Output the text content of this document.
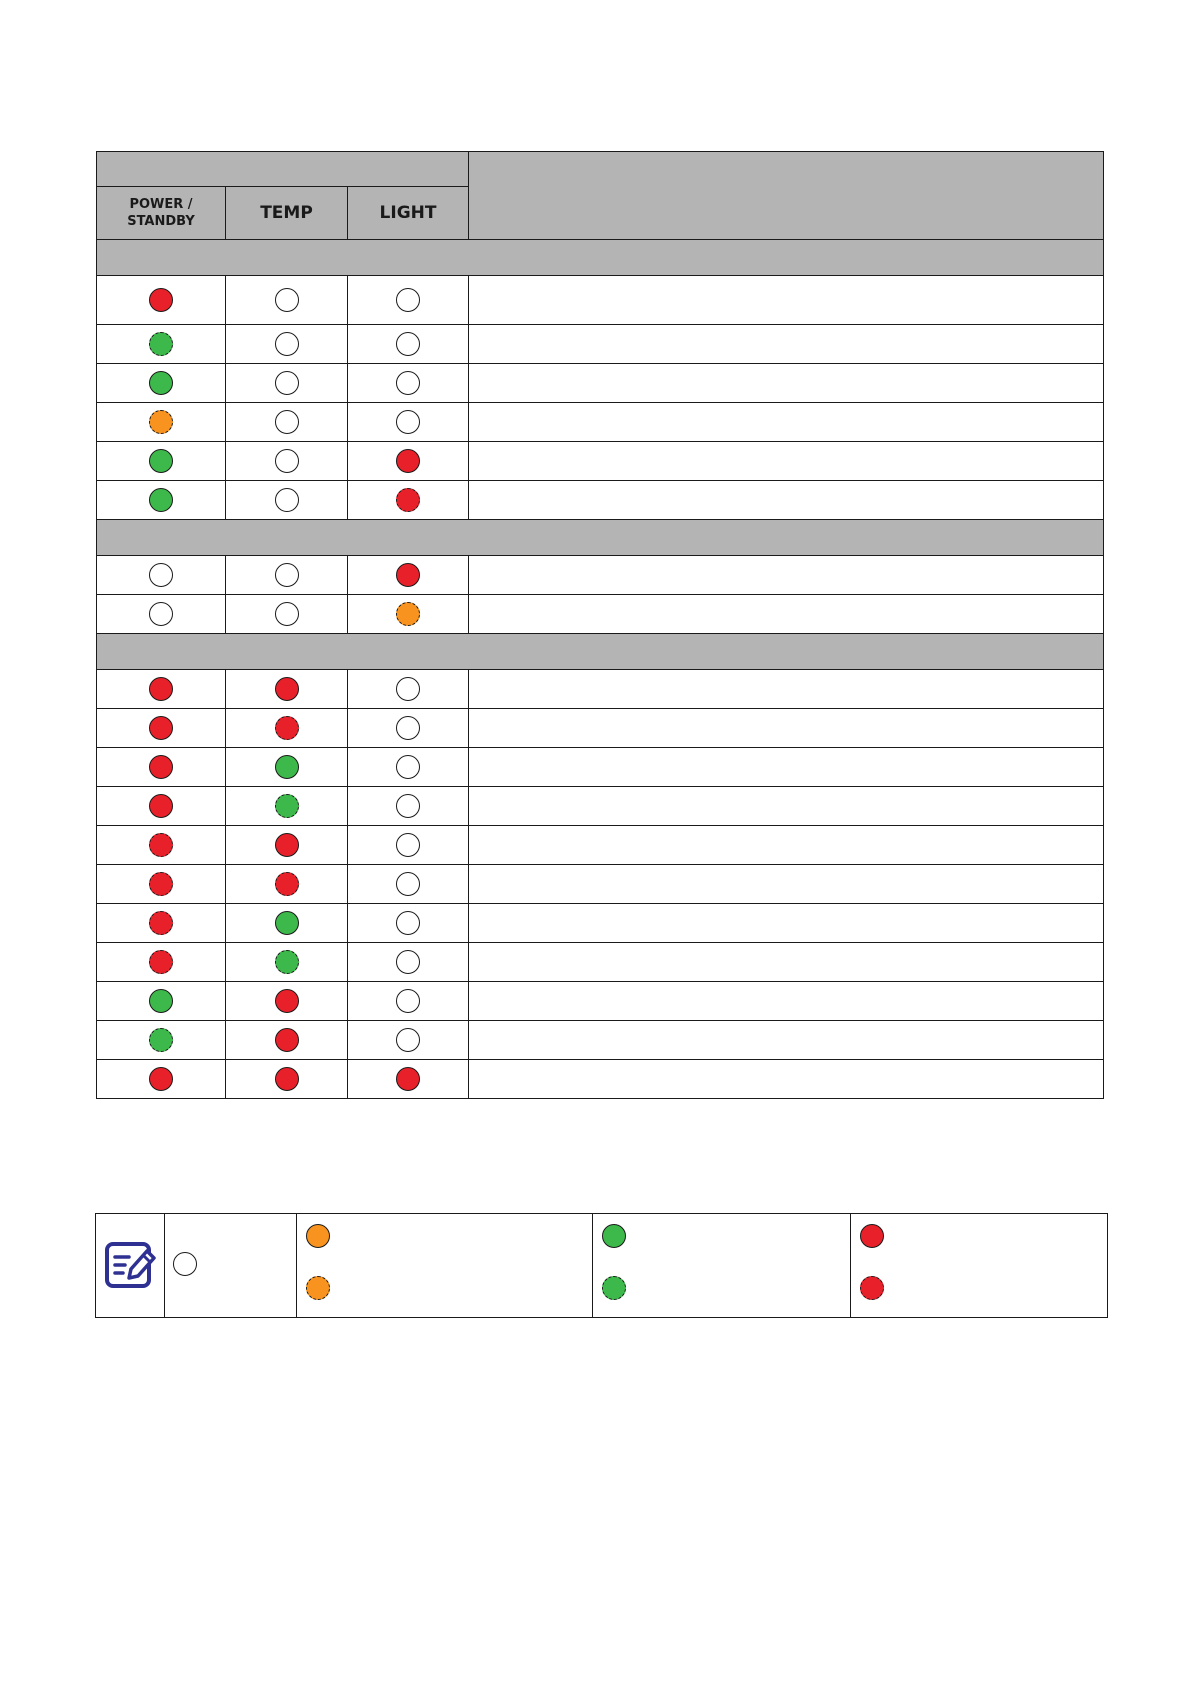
POWER /
STANDBY	TEMP	LIGHT	
